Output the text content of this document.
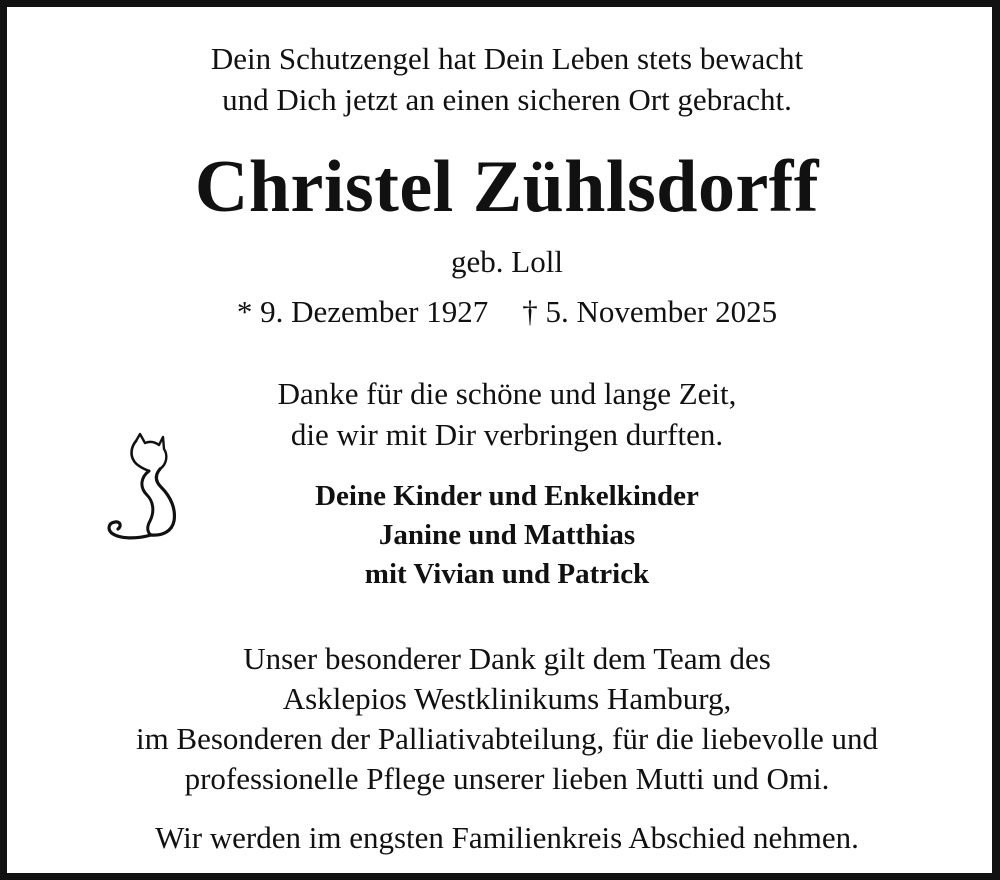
Dein Schutzengel hat Dein Leben stets bewacht
und Dich jetzt an einen sicheren Ort gebracht.
Christel Zühlsdorff
geb. Loll
* 9. Dezember 1927 † 5. November 2025
Danke für die schöne und lange Zeit,
die wir mit Dir verbringen durften.
Deine Kinder und Enkelkinder
Janine und Matthias
mit Vivian und Patrick
Unser besonderer Dank gilt dem Team des
Asklepios Westklinikums Hamburg,
im Besonderen der Palliativabteilung, für die liebevolle und
professionelle Pflege unserer lieben Mutti und Omi.
Wir werden im engsten Familienkreis Abschied nehmen.
